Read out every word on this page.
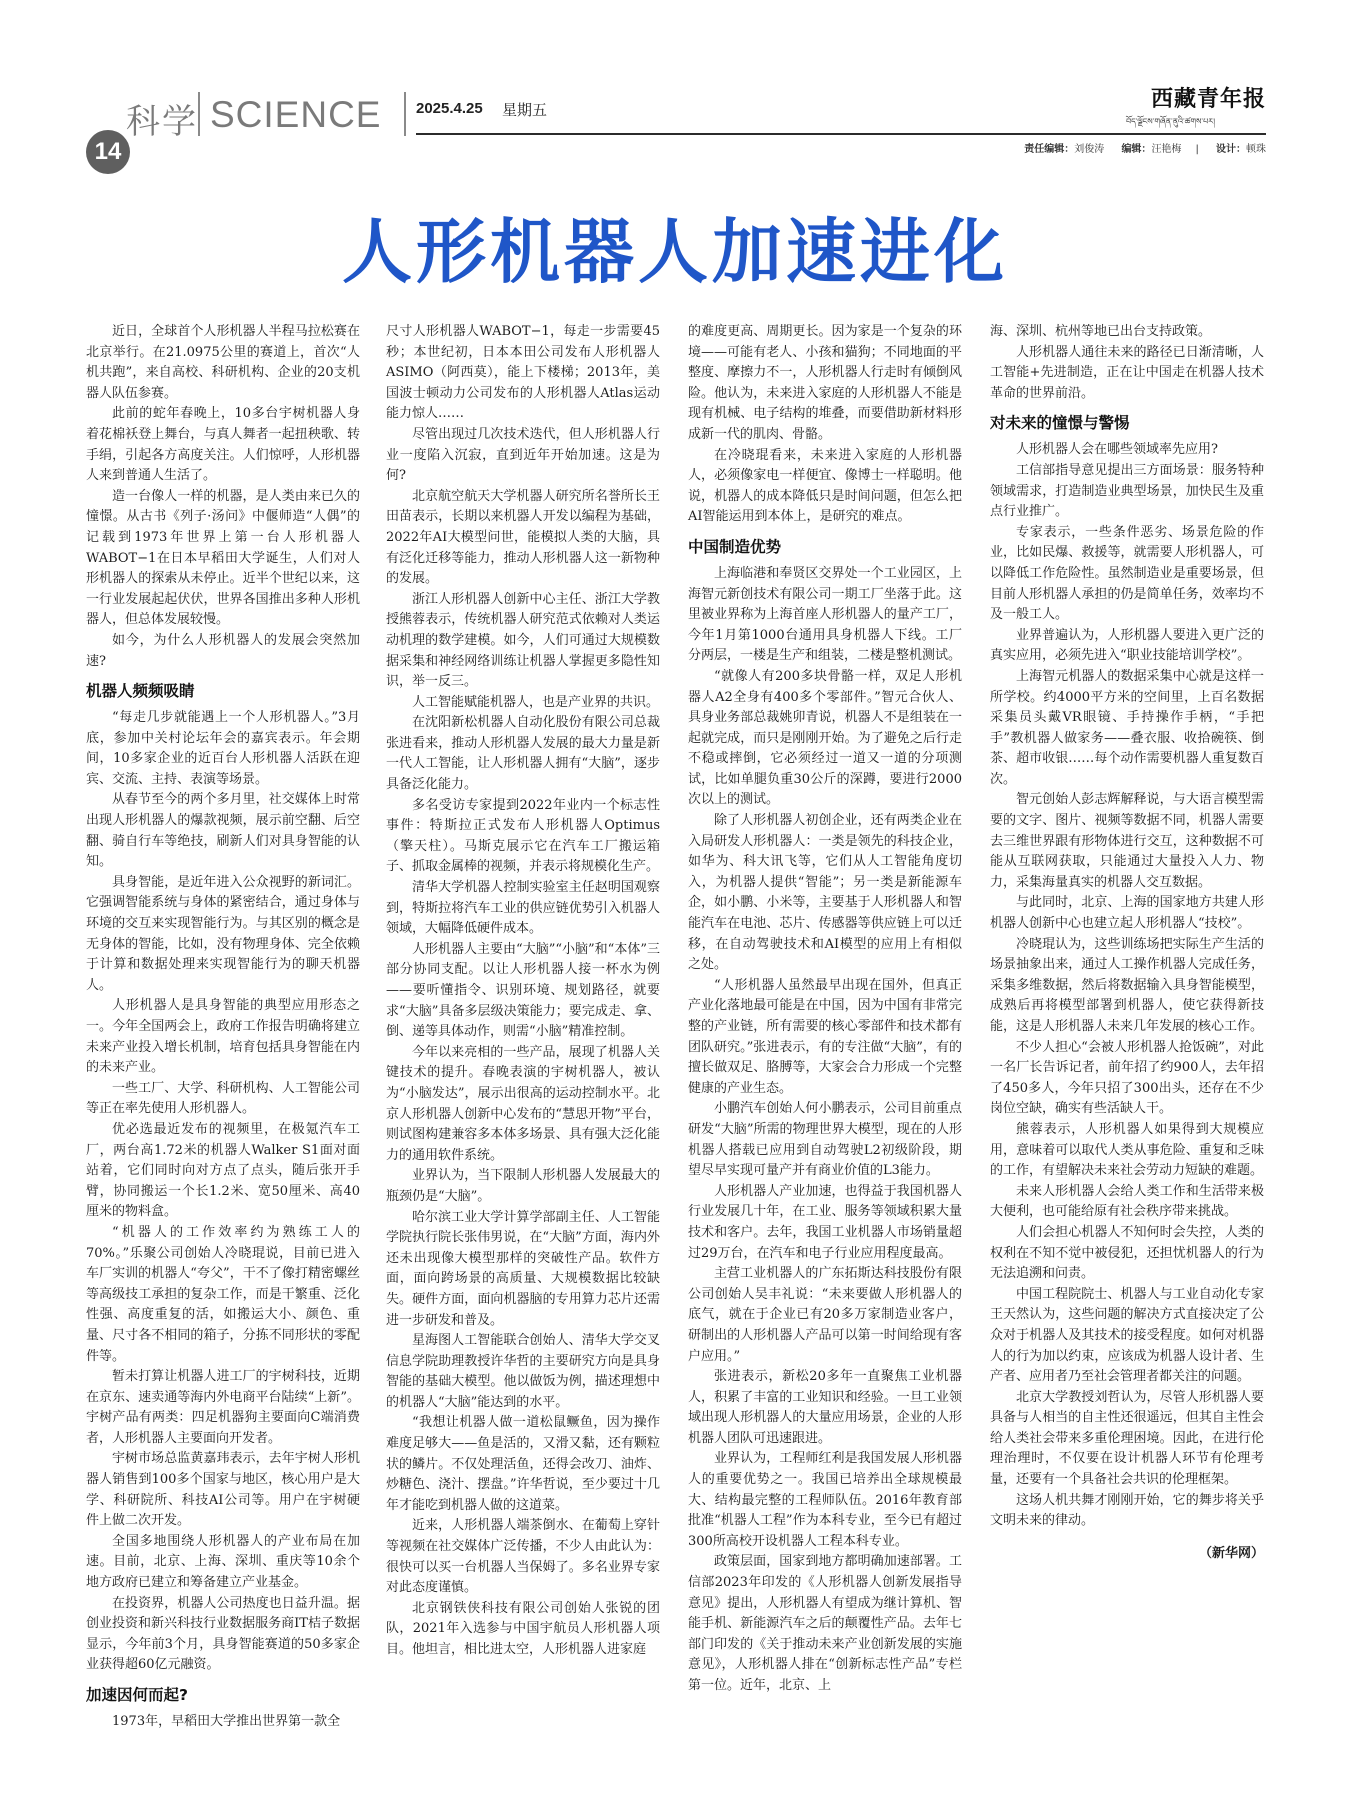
科学 SCIENCE
14
2025.4.25 星期五	西藏青年报
བོད་ལྗོངས་གཞོན་ནུའི་ཚགས་པར།
责任编辑：刘俊涛 编辑：汪艳梅 | 设计：顿珠
人形机器人加速进化

近日，全球首个人形机器人半程马拉松赛在北京举行。在21.0975公里的赛道上，首次“人机共跑”，来自高校、科研机构、企业的20支机器人队伍参赛。

此前的蛇年春晚上，10多台宇树机器人身着花棉袄登上舞台，与真人舞者一起扭秧歌、转手绢，引起各方高度关注。人们惊呼，人形机器人来到普通人生活了。

造一台像人一样的机器，是人类由来已久的憧憬。从古书《列子·汤问》中偃师造“人偶”的记载到1973年世界上第一台人形机器人WABOT−1在日本早稻田大学诞生，人们对人形机器人的探索从未停止。近半个世纪以来，这一行业发展起起伏伏，世界各国推出多种人形机器人，但总体发展较慢。

如今，为什么人形机器人的发展会突然加速?

机器人频频吸睛

“每走几步就能遇上一个人形机器人。”3月底，参加中关村论坛年会的嘉宾表示。年会期间，10多家企业的近百台人形机器人活跃在迎宾、交流、主持、表演等场景。

从春节至今的两个多月里，社交媒体上时常出现人形机器人的爆款视频，展示前空翻、后空翻、骑自行车等绝技，刷新人们对具身智能的认知。

具身智能，是近年进入公众视野的新词汇。它强调智能系统与身体的紧密结合，通过身体与环境的交互来实现智能行为。与其区别的概念是无身体的智能，比如，没有物理身体、完全依赖于计算和数据处理来实现智能行为的聊天机器人。

人形机器人是具身智能的典型应用形态之一。今年全国两会上，政府工作报告明确将建立未来产业投入增长机制，培育包括具身智能在内的未来产业。

一些工厂、大学、科研机构、人工智能公司等正在率先使用人形机器人。

优必选最近发布的视频里，在极氪汽车工厂，两台高1.72米的机器人Walker S1面对面站着，它们同时向对方点了点头，随后张开手臂，协同搬运一个长1.2米、宽50厘米、高40厘米的物料盒。

“机器人的工作效率约为熟练工人的70%。”乐聚公司创始人冷晓琨说，目前已进入车厂实训的机器人“夸父”，干不了像打精密螺丝等高级技工承担的复杂工作，而是干繁重、泛化性强、高度重复的活，如搬运大小、颜色、重量、尺寸各不相同的箱子，分拣不同形状的零配件等。

暂未打算让机器人进工厂的宇树科技，近期在京东、速卖通等海内外电商平台陆续“上新”。宇树产品有两类：四足机器狗主要面向C端消费者，人形机器人主要面向开发者。

宇树市场总监黄嘉玮表示，去年宇树人形机器人销售到100多个国家与地区，核心用户是大学、科研院所、科技AI公司等。用户在宇树硬件上做二次开发。

全国多地围绕人形机器人的产业布局在加速。目前，北京、上海、深圳、重庆等10余个地方政府已建立和筹备建立产业基金。

在投资界，机器人公司热度也日益升温。据创业投资和新兴科技行业数据服务商IT桔子数据显示，今年前3个月，具身智能赛道的50多家企业获得超60亿元融资。

加速因何而起?

1973年，早稻田大学推出世界第一款全

尺寸人形机器人WABOT−1，每走一步需要45秒；本世纪初，日本本田公司发布人形机器人ASIMO（阿西莫），能上下楼梯；2013年，美国波士顿动力公司发布的人形机器人Atlas运动能力惊人……

尽管出现过几次技术迭代，但人形机器人行业一度陷入沉寂，直到近年开始加速。这是为何?

北京航空航天大学机器人研究所名誉所长王田苗表示，长期以来机器人开发以编程为基础，2022年AI大模型问世，能模拟人类的大脑，具有泛化迁移等能力，推动人形机器人这一新物种的发展。

浙江人形机器人创新中心主任、浙江大学教授熊蓉表示，传统机器人研究范式依赖对人类运动机理的数学建模。如今，人们可通过大规模数据采集和神经网络训练让机器人掌握更多隐性知识，举一反三。

人工智能赋能机器人，也是产业界的共识。

在沈阳新松机器人自动化股份有限公司总裁张进看来，推动人形机器人发展的最大力量是新一代人工智能，让人形机器人拥有“大脑”，逐步具备泛化能力。

多名受访专家提到2022年业内一个标志性事件：特斯拉正式发布人形机器人Optimus（擎天柱）。马斯克展示它在汽车工厂搬运箱子、抓取金属棒的视频，并表示将规模化生产。

清华大学机器人控制实验室主任赵明国观察到，特斯拉将汽车工业的供应链优势引入机器人领域，大幅降低硬件成本。

人形机器人主要由“大脑”“小脑”和“本体”三部分协同支配。以让人形机器人接一杯水为例——要听懂指令、识别环境、规划路径，就要求“大脑”具备多层级决策能力；要完成走、拿、倒、递等具体动作，则需“小脑”精准控制。

今年以来亮相的一些产品，展现了机器人关键技术的提升。春晚表演的宇树机器人，被认为“小脑发达”，展示出很高的运动控制水平。北京人形机器人创新中心发布的“慧思开物”平台，则试图构建兼容多本体多场景、具有强大泛化能力的通用软件系统。

业界认为，当下限制人形机器人发展最大的瓶颈仍是“大脑”。

哈尔滨工业大学计算学部副主任、人工智能学院执行院长张伟男说，在“大脑”方面，海内外还未出现像大模型那样的突破性产品。软件方面，面向跨场景的高质量、大规模数据比较缺失。硬件方面，面向机器脑的专用算力芯片还需进一步研发和普及。

星海图人工智能联合创始人、清华大学交叉信息学院助理教授许华哲的主要研究方向是具身智能的基础大模型。他以做饭为例，描述理想中的机器人“大脑”能达到的水平。

“我想让机器人做一道松鼠鳜鱼，因为操作难度足够大——鱼是活的，又滑又黏，还有颗粒状的鳞片。不仅处理活鱼，还得会改刀、油炸、炒糖色、浇汁、摆盘。”许华哲说，至少要过十几年才能吃到机器人做的这道菜。

近来，人形机器人端茶倒水、在葡萄上穿针等视频在社交媒体广泛传播，不少人由此认为：很快可以买一台机器人当保姆了。多名业界专家对此态度谨慎。

北京钢铁侠科技有限公司创始人张锐的团队，2021年入选参与中国宇航员人形机器人项目。他坦言，相比进太空，人形机器人进家庭

的难度更高、周期更长。因为家是一个复杂的环境——可能有老人、小孩和猫狗；不同地面的平整度、摩擦力不一，人形机器人行走时有倾倒风险。他认为，未来进入家庭的人形机器人不能是现有机械、电子结构的堆叠，而要借助新材料形成新一代的肌肉、骨骼。

在冷晓琨看来，未来进入家庭的人形机器人，必须像家电一样便宜、像博士一样聪明。他说，机器人的成本降低只是时间问题，但怎么把AI智能运用到本体上，是研究的难点。

中国制造优势

上海临港和奉贤区交界处一个工业园区，上海智元新创技术有限公司一期工厂坐落于此。这里被业界称为上海首座人形机器人的量产工厂，今年1月第1000台通用具身机器人下线。工厂分两层，一楼是生产和组装，二楼是整机测试。

“就像人有200多块骨骼一样，双足人形机器人A2全身有400多个零部件。”智元合伙人、具身业务部总裁姚卯青说，机器人不是组装在一起就完成，而只是刚刚开始。为了避免之后行走不稳或摔倒，它必须经过一道又一道的分项测试，比如单腿负重30公斤的深蹲，要进行2000次以上的测试。

除了人形机器人初创企业，还有两类企业在入局研发人形机器人：一类是领先的科技企业，如华为、科大讯飞等，它们从人工智能角度切入，为机器人提供“智能”；另一类是新能源车企，如小鹏、小米等，主要基于人形机器人和智能汽车在电池、芯片、传感器等供应链上可以迁移，在自动驾驶技术和AI模型的应用上有相似之处。

“人形机器人虽然最早出现在国外，但真正产业化落地最可能是在中国，因为中国有非常完整的产业链，所有需要的核心零部件和技术都有团队研究。”张进表示，有的专注做“大脑”，有的擅长做双足、胳膊等，大家会合力形成一个完整健康的产业生态。

小鹏汽车创始人何小鹏表示，公司目前重点研发“大脑”所需的物理世界大模型，现在的人形机器人搭载已应用到自动驾驶L2初级阶段，期望尽早实现可量产并有商业价值的L3能力。

人形机器人产业加速，也得益于我国机器人行业发展几十年，在工业、服务等领域积累大量技术和客户。去年，我国工业机器人市场销量超过29万台，在汽车和电子行业应用程度最高。

主营工业机器人的广东拓斯达科技股份有限公司创始人吴丰礼说：“未来要做人形机器人的底气，就在于企业已有20多万家制造业客户，研制出的人形机器人产品可以第一时间给现有客户应用。”

张进表示，新松20多年一直聚焦工业机器人，积累了丰富的工业知识和经验。一旦工业领域出现人形机器人的大量应用场景，企业的人形机器人团队可迅速跟进。

业界认为，工程师红利是我国发展人形机器人的重要优势之一。我国已培养出全球规模最大、结构最完整的工程师队伍。2016年教育部批准“机器人工程”作为本科专业，至今已有超过300所高校开设机器人工程本科专业。

政策层面，国家到地方都明确加速部署。工信部2023年印发的《人形机器人创新发展指导意见》提出，人形机器人有望成为继计算机、智能手机、新能源汽车之后的颠覆性产品。去年七部门印发的《关于推动未来产业创新发展的实施意见》，人形机器人排在“创新标志性产品”专栏第一位。近年，北京、上

海、深圳、杭州等地已出台支持政策。

人形机器人通往未来的路径已日渐清晰，人工智能+先进制造，正在让中国走在机器人技术革命的世界前沿。

对未来的憧憬与警惕

人形机器人会在哪些领域率先应用?

工信部指导意见提出三方面场景：服务特种领域需求，打造制造业典型场景，加快民生及重点行业推广。

专家表示，一些条件恶劣、场景危险的作业，比如民爆、救援等，就需要人形机器人，可以降低工作危险性。虽然制造业是重要场景，但目前人形机器人承担的仍是简单任务，效率均不及一般工人。

业界普遍认为，人形机器人要进入更广泛的真实应用，必须先进入“职业技能培训学校”。

上海智元机器人的数据采集中心就是这样一所学校。约4000平方米的空间里，上百名数据采集员头戴VR眼镜、手持操作手柄，“手把手”教机器人做家务——叠衣服、收拾碗筷、倒茶、超市收银……每个动作需要机器人重复数百次。

智元创始人彭志辉解释说，与大语言模型需要的文字、图片、视频等数据不同，机器人需要去三维世界跟有形物体进行交互，这种数据不可能从互联网获取，只能通过大量投入人力、物力，采集海量真实的机器人交互数据。

与此同时，北京、上海的国家地方共建人形机器人创新中心也建立起人形机器人“技校”。

冷晓琨认为，这些训练场把实际生产生活的场景抽象出来，通过人工操作机器人完成任务，采集多维数据，然后将数据输入具身智能模型，成熟后再将模型部署到机器人，使它获得新技能，这是人形机器人未来几年发展的核心工作。

不少人担心“会被人形机器人抢饭碗”，对此一名厂长告诉记者，前年招了约900人，去年招了450多人，今年只招了300出头，还存在不少岗位空缺，确实有些活缺人干。

熊蓉表示，人形机器人如果得到大规模应用，意味着可以取代人类从事危险、重复和乏味的工作，有望解决未来社会劳动力短缺的难题。

未来人形机器人会给人类工作和生活带来极大便利，也可能给原有社会秩序带来挑战。

人们会担心机器人不知何时会失控，人类的权利在不知不觉中被侵犯，还担忧机器人的行为无法追溯和问责。

中国工程院院士、机器人与工业自动化专家王天然认为，这些问题的解决方式直接决定了公众对于机器人及其技术的接受程度。如何对机器人的行为加以约束，应该成为机器人设计者、生产者、应用者乃至社会管理者都关注的问题。

北京大学教授刘哲认为，尽管人形机器人要具备与人相当的自主性还很遥远，但其自主性会给人类社会带来多重伦理困境。因此，在进行伦理治理时，不仅要在设计机器人环节有伦理考量，还要有一个具备社会共识的伦理框架。

这场人机共舞才刚刚开始，它的舞步将关乎文明未来的律动。

（新华网）
